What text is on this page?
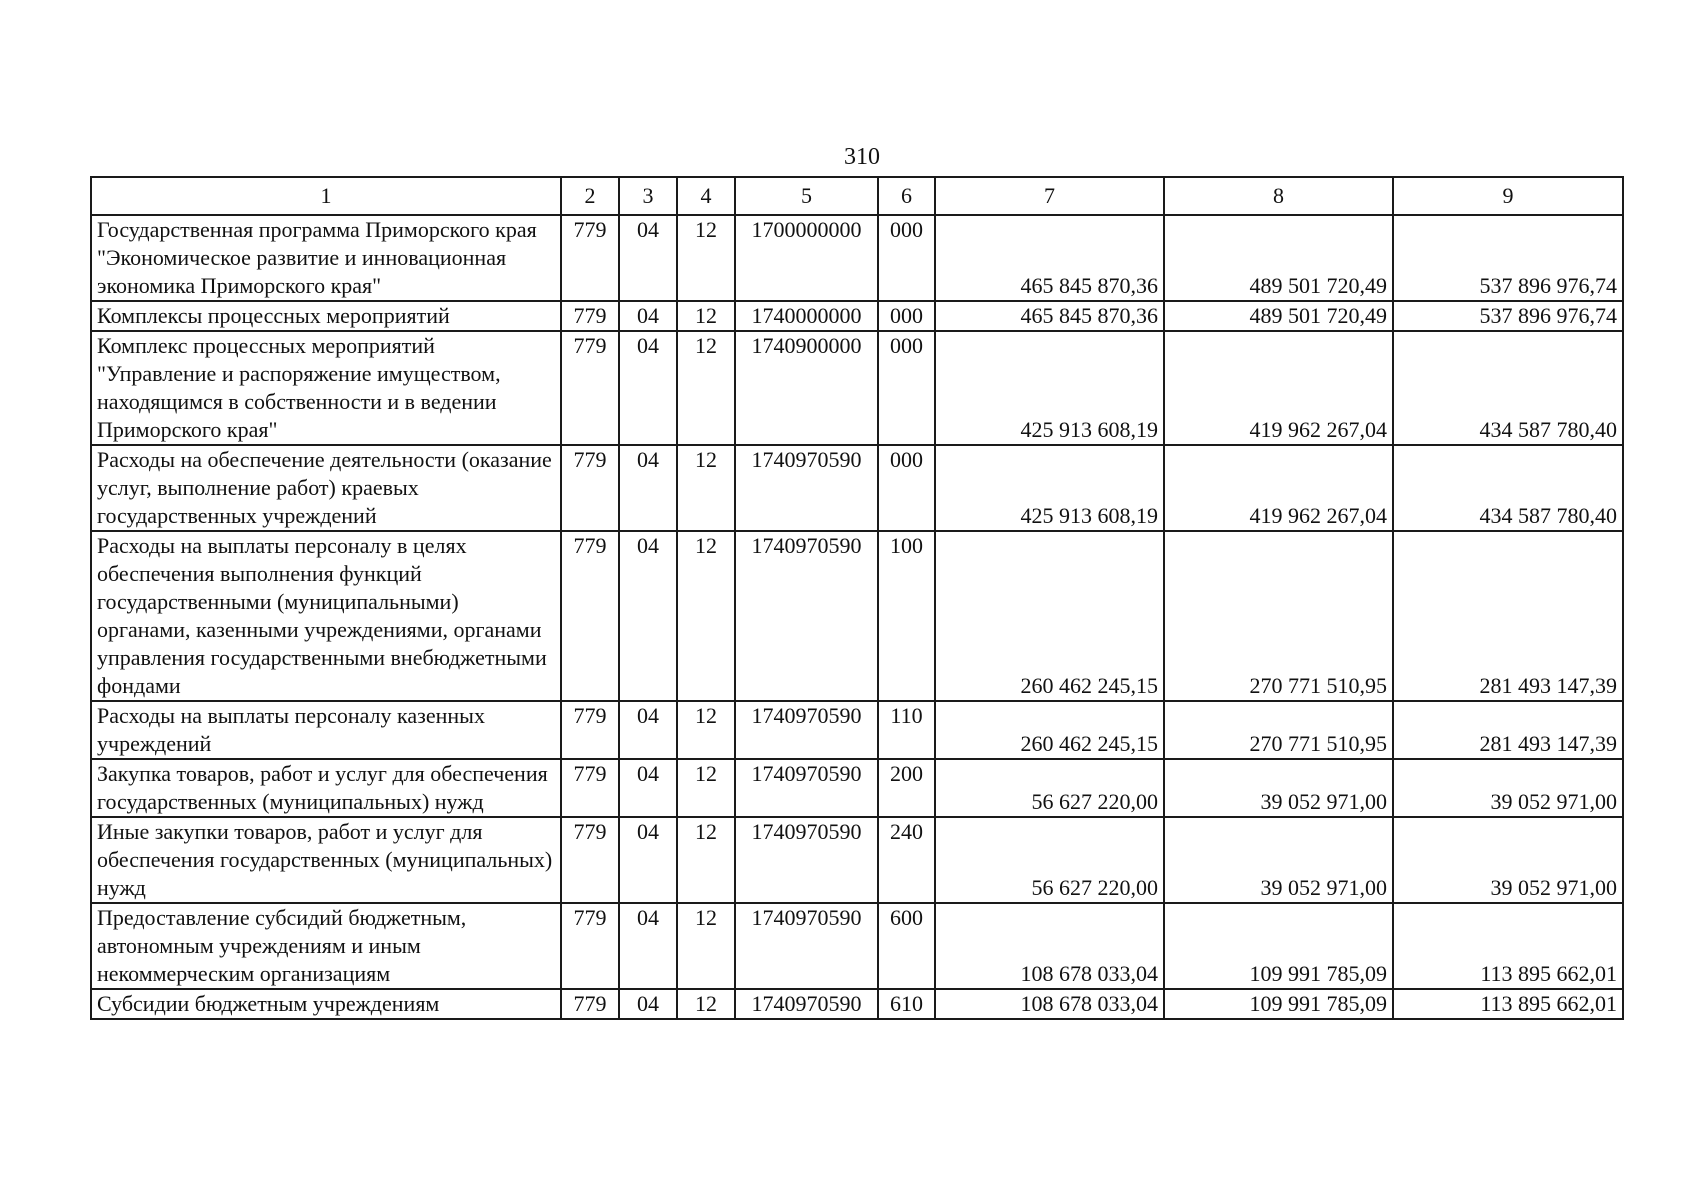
310
1	2	3	4	5	6	7	8	9
Государственная программа Приморского края "Экономическое развитие и инновационная экономика Приморского края"	779	04	12	1700000000	000	465 845 870,36	489 501 720,49	537 896 976,74
Комплексы процессных мероприятий	779	04	12	1740000000	000	465 845 870,36	489 501 720,49	537 896 976,74
Комплекс процессных мероприятий "Управление и распоряжение имуществом, находящимся в собственности и в ведении Приморского края"	779	04	12	1740900000	000	425 913 608,19	419 962 267,04	434 587 780,40
Расходы на обеспечение деятельности (оказание услуг, выполнение работ) краевых государственных учреждений	779	04	12	1740970590	000	425 913 608,19	419 962 267,04	434 587 780,40
Расходы на выплаты персоналу в целях обеспечения выполнения функций государственными (муниципальными) органами, казенными учреждениями, органами управления государственными внебюджетными фондами	779	04	12	1740970590	100	260 462 245,15	270 771 510,95	281 493 147,39
Расходы на выплаты персоналу казенных учреждений	779	04	12	1740970590	110	260 462 245,15	270 771 510,95	281 493 147,39
Закупка товаров, работ и услуг для обеспечения государственных (муниципальных) нужд	779	04	12	1740970590	200	56 627 220,00	39 052 971,00	39 052 971,00
Иные закупки товаров, работ и услуг для обеспечения государственных (муниципальных) нужд	779	04	12	1740970590	240	56 627 220,00	39 052 971,00	39 052 971,00
Предоставление субсидий бюджетным, автономным учреждениям и иным некоммерческим организациям	779	04	12	1740970590	600	108 678 033,04	109 991 785,09	113 895 662,01
Субсидии бюджетным учреждениям	779	04	12	1740970590	610	108 678 033,04	109 991 785,09	113 895 662,01
